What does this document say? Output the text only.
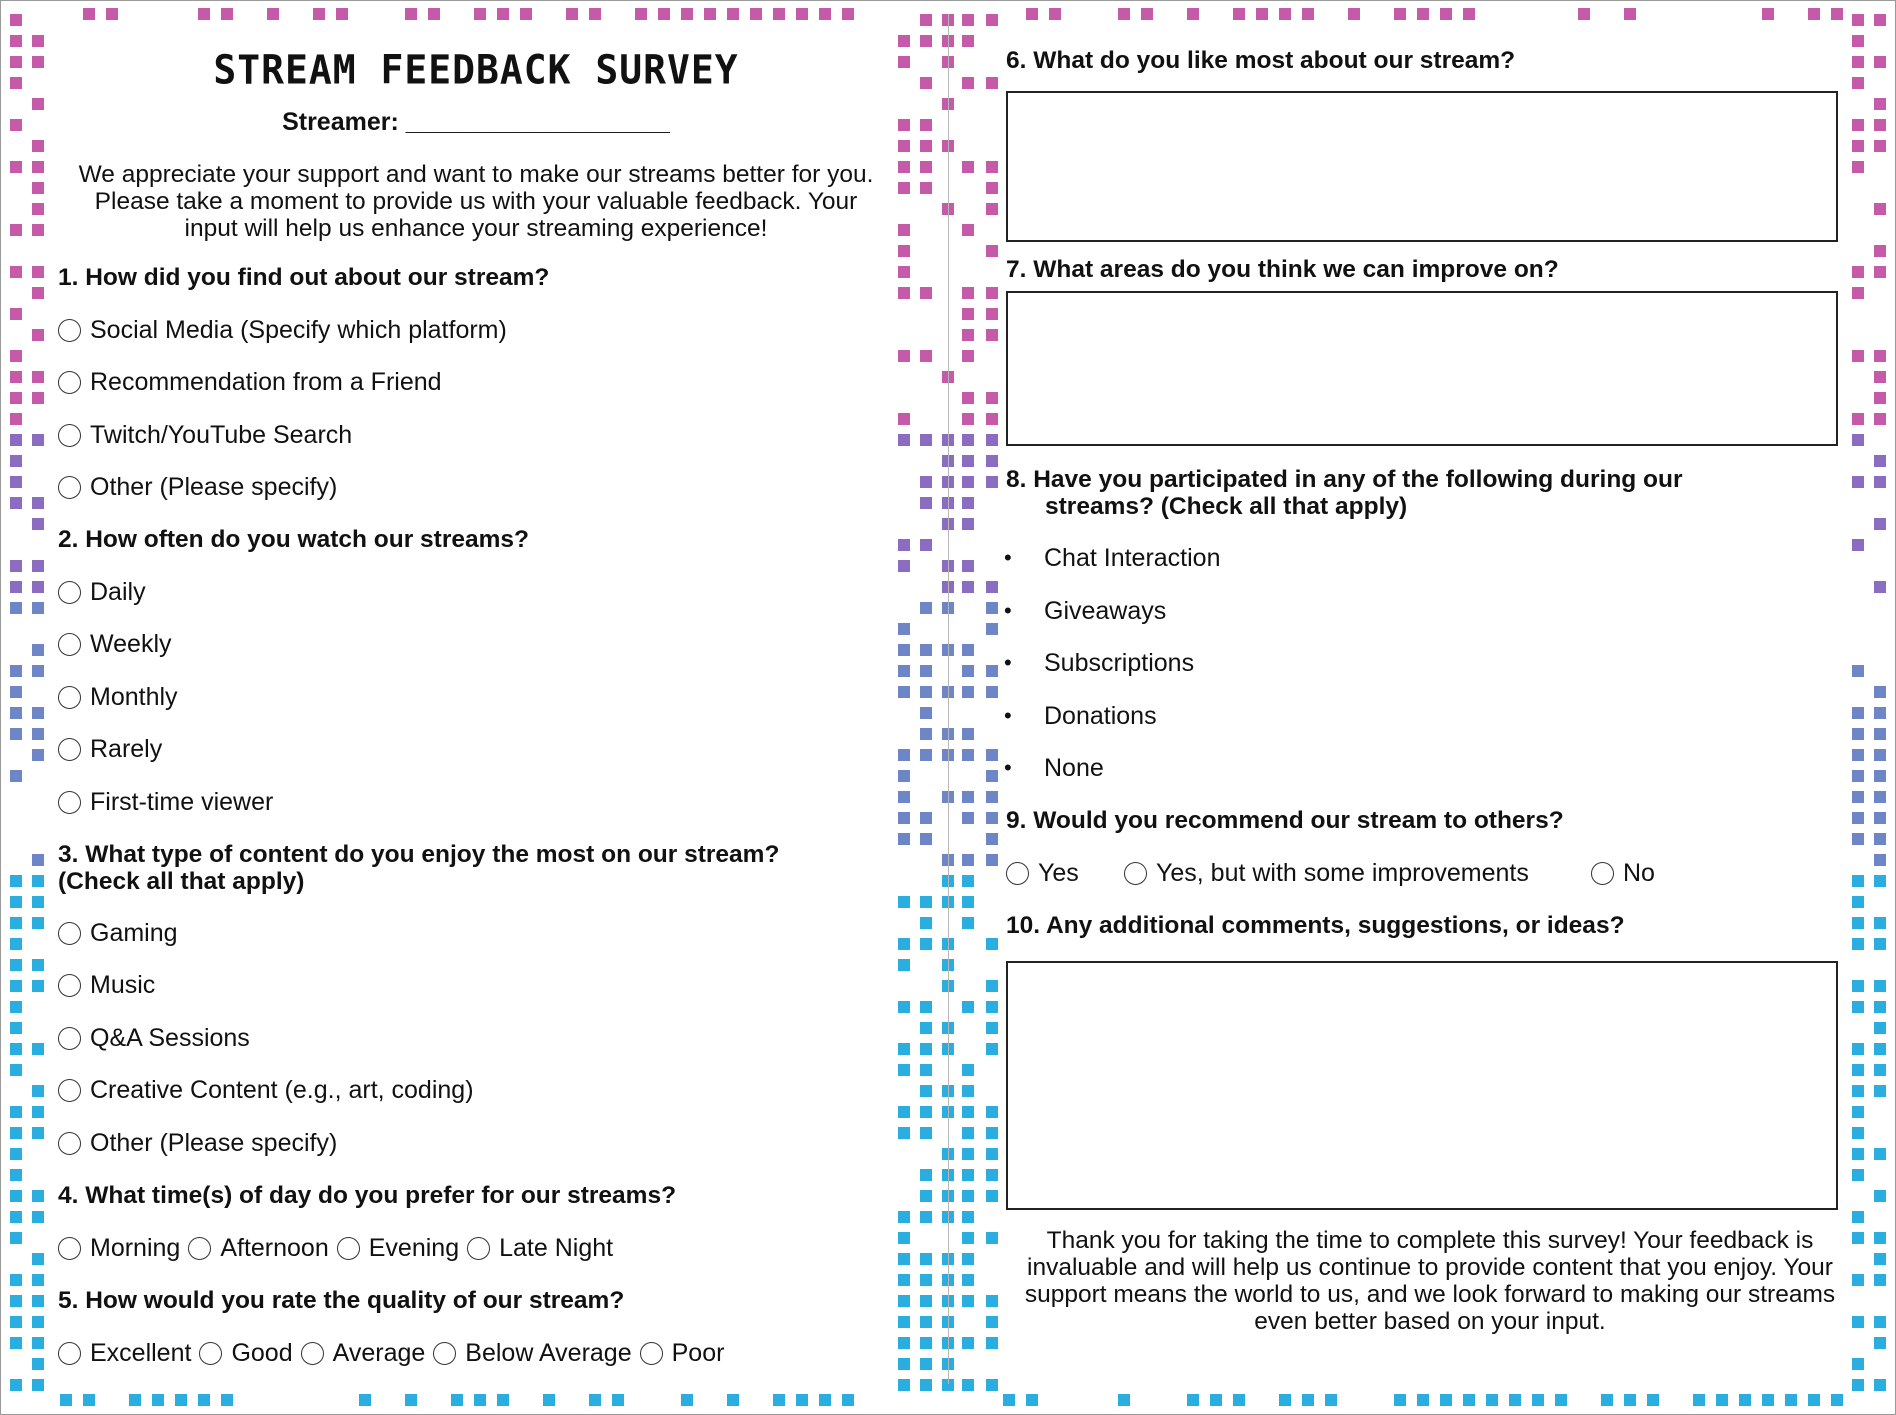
STREAM FEEDBACK SURVEY
Streamer: ___________________
We appreciate your support and want to make our streams better for you. Please take a moment to provide us with your valuable feedback. Your input will help us enhance your streaming experience!
1. How did you find out about our stream?
Social Media (Specify which platform)
Recommendation from a Friend
Twitch/YouTube Search
Other (Please specify)
2. How often do you watch our streams?
Daily
Weekly
Monthly
Rarely
First-time viewer
3. What type of content do you enjoy the most on our stream?
(Check all that apply)
Gaming
Music
Q&A Sessions
Creative Content (e.g., art, coding)
Other (Please specify)
4. What time(s) of day do you prefer for our streams?
Morning Afternoon Evening Late Night
5. How would you rate the quality of our stream?
Excellent Good Average Below Average Poor
6. What do you like most about our stream?
7. What areas do you think we can improve on?
8. Have you participated in any of the following during our
streams? (Check all that apply)
•	Chat Interaction
•	Giveaways
•	Subscriptions
•	Donations
•	None
9. Would you recommend our stream to others?
Yes	Yes, but with some improvements	No
10. Any additional comments, suggestions, or ideas?
Thank you for taking the time to complete this survey! Your feedback is invaluable and will help us continue to provide content that you enjoy. Your support means the world to us, and we look forward to making our streams even better based on your input.
